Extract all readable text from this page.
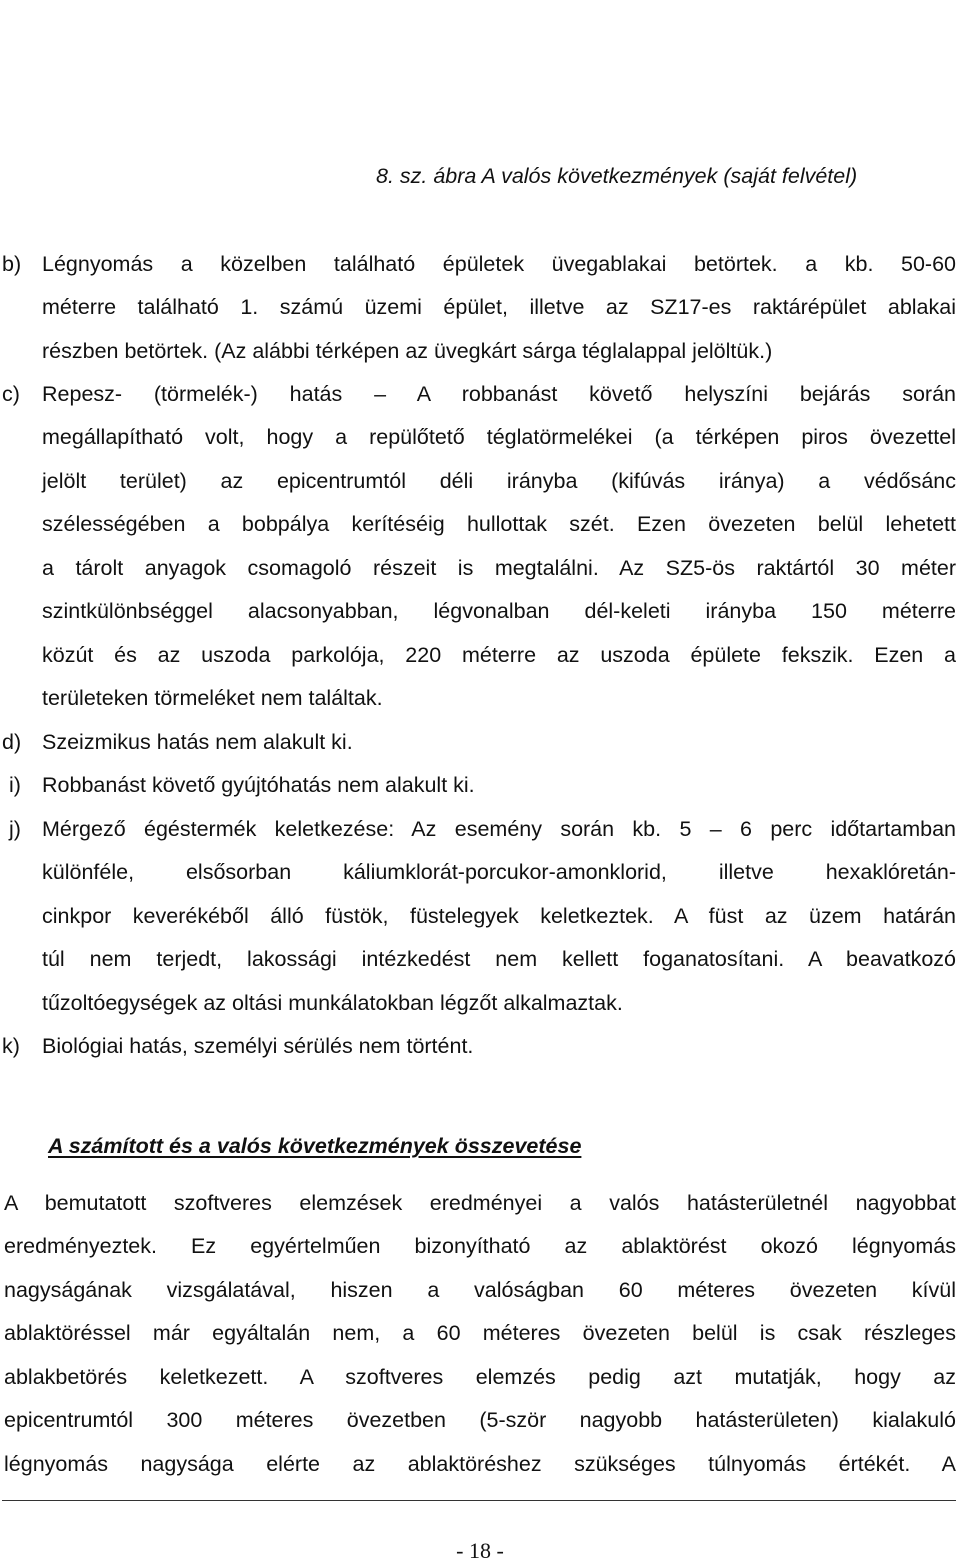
8. sz. ábra A valós következmények (saját felvétel)
b) Légnyomás a közelben található épületek üvegablakai betörtek. a kb. 50-60
méterre található 1. számú üzemi épület, illetve az SZ17-es raktárépület ablakai
részben betörtek. (Az alábbi térképen az üvegkárt sárga téglalappal jelöltük.)
c) Repesz- (törmelék-) hatás – A robbanást követő helyszíni bejárás során
megállapítható volt, hogy a repülőtető téglatörmelékei (a térképen piros övezettel
jelölt terület) az epicentrumtól déli irányba (kifúvás iránya) a védősánc
szélességében a bobpálya kerítéséig hullottak szét. Ezen övezeten belül lehetett
a tárolt anyagok csomagoló részeit is megtalálni. Az SZ5-ös raktártól 30 méter
szintkülönbséggel alacsonyabban, légvonalban dél-keleti irányba 150 méterre
közút és az uszoda parkolója, 220 méterre az uszoda épülete fekszik. Ezen a
területeken törmeléket nem találtak.
d) Szeizmikus hatás nem alakult ki.
i) Robbanást követő gyújtóhatás nem alakult ki.
j) Mérgező égéstermék keletkezése: Az esemény során kb. 5 – 6 perc időtartamban
különféle, elsősorban káliumklorát-porcukor-amonklorid, illetve hexaklóretán-
cinkpor keverékéből álló füstök, füstelegyek keletkeztek. A füst az üzem határán
túl nem terjedt, lakossági intézkedést nem kellett foganatosítani. A beavatkozó
tűzoltóegységek az oltási munkálatokban légzőt alkalmaztak.
k) Biológiai hatás, személyi sérülés nem történt.
A számított és a valós következmények összevetése
A bemutatott szoftveres elemzések eredményei a valós hatásterületnél nagyobbat
eredményeztek. Ez egyértelműen bizonyítható az ablaktörést okozó légnyomás
nagyságának vizsgálatával, hiszen a valóságban 60 méteres övezeten kívül
ablaktöréssel már egyáltalán nem, a 60 méteres övezeten belül is csak részleges
ablakbetörés keletkezett. A szoftveres elemzés pedig azt mutatják, hogy az
epicentrumtól 300 méteres övezetben (5-ször nagyobb hatásterületen) kialakuló
légnyomás nagysága elérte az ablaktöréshez szükséges túlnyomás értékét. A
- 18 -
